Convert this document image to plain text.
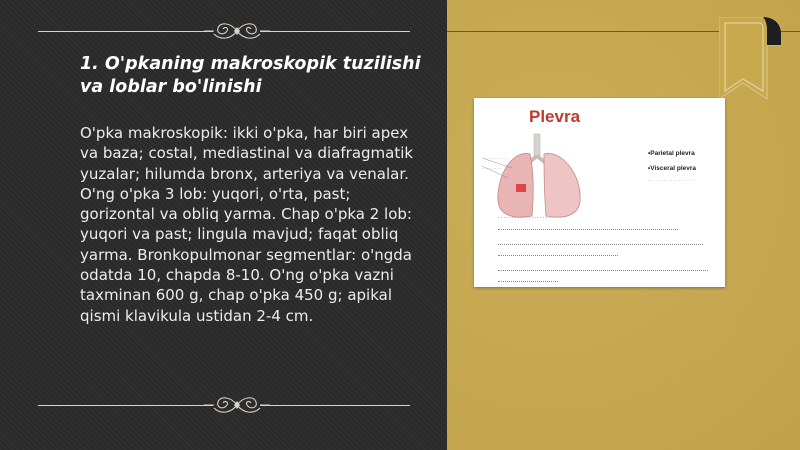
1. O'pkaning makroskopik tuzilishi va loblar bo'linishi

O'pka makroskopik: ikki o'pka, har biri apex va baza; costal, mediastinal va diafragmatik yuzalar; hilumda bronx, arteriya va venalar. O'ng o'pka 3 lob: yuqori, o'rta, past; gorizontal va obliq yarma. Chap o'pka 2 lob: yuqori va past; lingula mavjud; faqat obliq yarma. Bronkopulmonar segmentlar: o'ngda odatda 10, chapda 8-10. O'ng o'pka vazni taxminan 600 g, chap o'pka 450 g; apikal qismi klavikula ustidan 2-4 cm.

Plevra
· · · · · · · · ·
· · · · · · · ·
•Parietal plevra
•Visceral plevra
· · · · · · · · · · · · · · · · · ·
· · · · · · · · · · · · · · · · · · · ·
